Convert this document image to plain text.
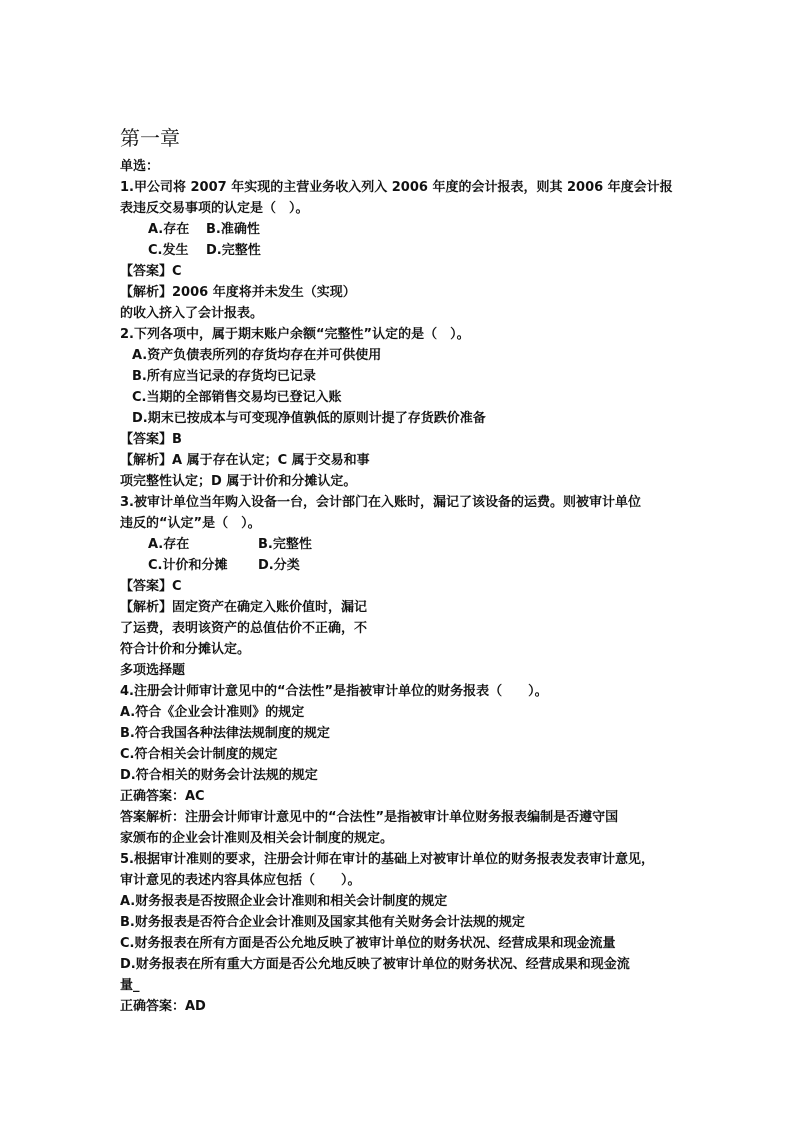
第一章
单选：
1.甲公司将 2007 年实现的主营业务收入列入 2006 年度的会计报表，则其 2006 年度会计报
表违反交易事项的认定是（　）。
A.存在 B.准确性
C.发生 D.完整性
【答案】C
【解析】2006 年度将并未发生（实现）
的收入挤入了会计报表。
2.下列各项中，属于期末账户余额“完整性”认定的是（　）。
A.资产负债表所列的存货均存在并可供使用
B.所有应当记录的存货均已记录
C.当期的全部销售交易均已登记入账
D.期末已按成本与可变现净值孰低的原则计提了存货跌价准备
【答案】B
【解析】A 属于存在认定；C 属于交易和事
项完整性认定；D 属于计价和分摊认定。
3.被审计单位当年购入设备一台，会计部门在入账时，漏记了该设备的运费。则被审计单位
违反的“认定”是（　）。
A.存在	B.完整性
C.计价和分摊 D.分类
【答案】C
【解析】固定资产在确定入账价值时，漏记
了运费，表明该资产的总值估价不正确，不
符合计价和分摊认定。
多项选择题
4.注册会计师审计意见中的“合法性”是指被审计单位的财务报表（　　）。
A.符合《企业会计准则》的规定
B.符合我国各种法律法规制度的规定
C.符合相关会计制度的规定
D.符合相关的财务会计法规的规定
正确答案：AC
答案解析：注册会计师审计意见中的“合法性”是指被审计单位财务报表编制是否遵守国
家颁布的企业会计准则及相关会计制度的规定。
5.根据审计准则的要求，注册会计师在审计的基础上对被审计单位的财务报表发表审计意见，
审计意见的表述内容具体应包括（　　）。
A.财务报表是否按照企业会计准则和相关会计制度的规定
B.财务报表是否符合企业会计准则及国家其他有关财务会计法规的规定
C.财务报表在所有方面是否公允地反映了被审计单位的财务状况、经营成果和现金流量
D.财务报表在所有重大方面是否公允地反映了被审计单位的财务状况、经营成果和现金流
量_
正确答案：AD
